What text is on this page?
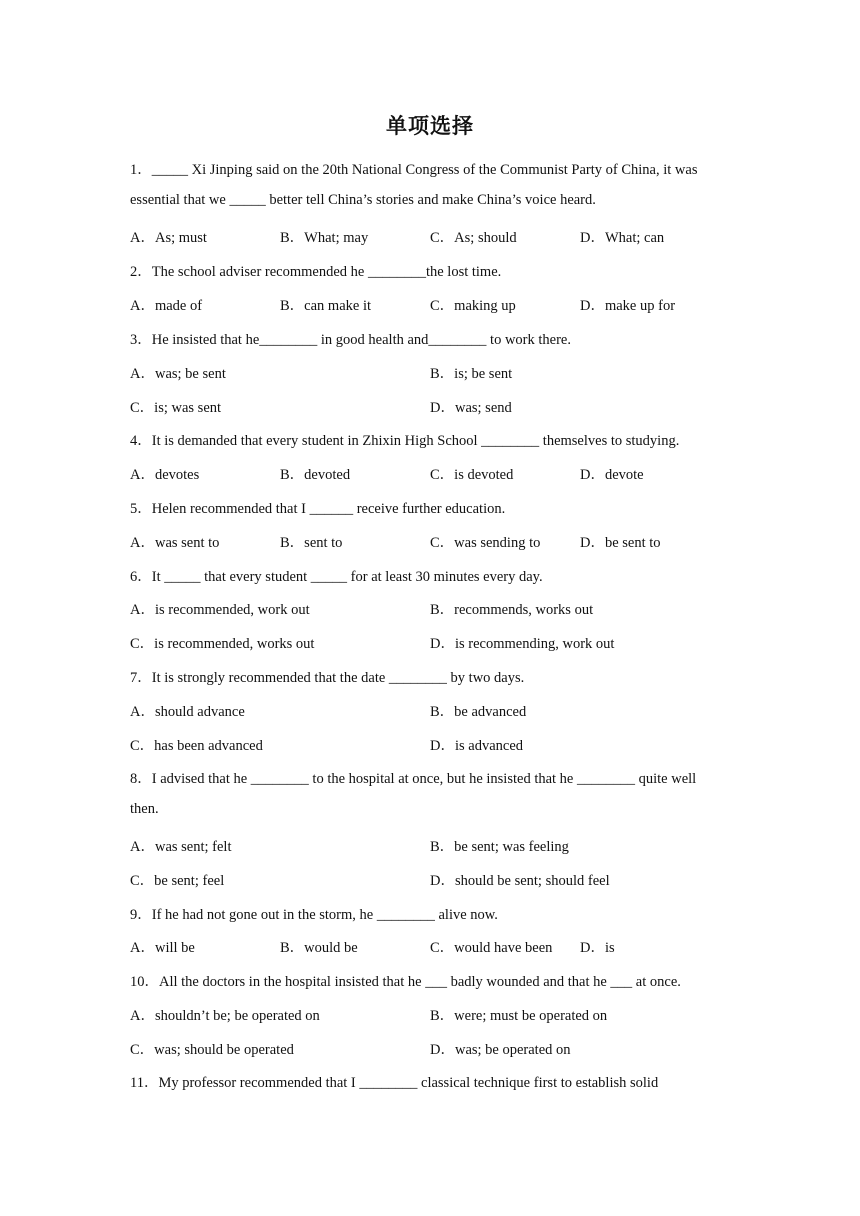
单项选择
1．_____ Xi Jinping said on the 20th National Congress of the Communist Party of China, it was
essential that we _____ better tell China’s stories and make China’s voice heard.
A．As; must	B．What; may	C．As; should	D．What; can
2．The school adviser recommended he ________the lost time.
A．made of	B．can make it	C．making up	D．make up for
3．He insisted that he________ in good health and________ to work there.
A．was; be sent	B．is; be sent
C．is; was sent	D．was; send
4．It is demanded that every student in Zhixin High School ________ themselves to studying.
A．devotes	B．devoted	C．is devoted	D．devote
5．Helen recommended that I ______ receive further education.
A．was sent to	B．sent to	C．was sending to	D．be sent to
6．It _____ that every student _____ for at least 30 minutes every day.
A．is recommended, work out	B．recommends, works out
C．is recommended, works out	D．is recommending, work out
7．It is strongly recommended that the date ________ by two days.
A．should advance	B．be advanced
C．has been advanced	D．is advanced
8．I advised that he ________ to the hospital at once, but he insisted that he ________ quite well
then.
A．was sent; felt	B．be sent; was feeling
C．be sent; feel	D．should be sent; should feel
9．If he had not gone out in the storm, he ________ alive now.
A．will be	B．would be	C．would have been D．is
10．All the doctors in the hospital insisted that he ___ badly wounded and that he ___ at once.
A．shouldn’t be; be operated on	B．were; must be operated on
C．was; should be operated	D．was; be operated on
11．My professor recommended that I ________ classical technique first to establish solid
